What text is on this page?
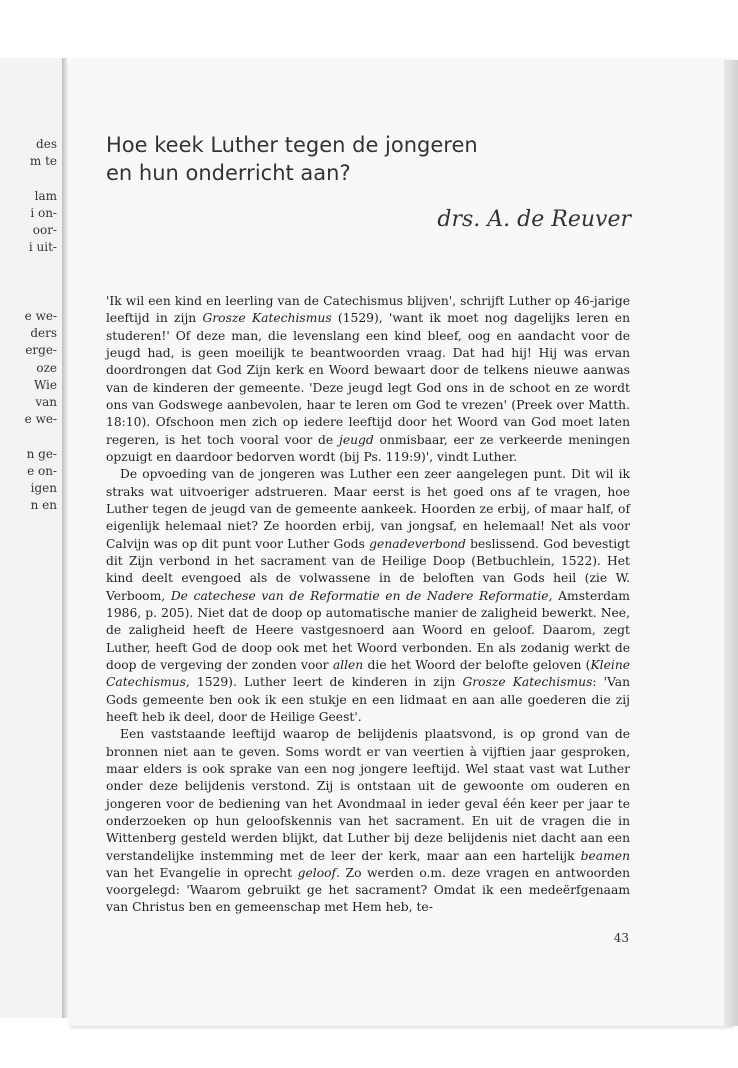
des
m te
lam
i on-
oor-
i uit-
e we-
ders
erge-
oze
Wie
van
e we-
n ge-
e on-
igen
n en
Hoe keek Luther tegen de jongeren
en hun onderricht aan?
drs. A. de Reuver

'Ik wil een kind en leerling van de Catechismus blijven', schrijft Luther op 46-jarige leeftijd in zijn Grosze Katechismus (1529), 'want ik moet nog dagelijks leren en studeren!' Of deze man, die levenslang een kind bleef, oog en aandacht voor de jeugd had, is geen moeilijk te beantwoorden vraag. Dat had hij! Hij was ervan doordrongen dat God Zijn kerk en Woord bewaart door de telkens nieuwe aanwas van de kinderen der gemeente. 'Deze jeugd legt God ons in de schoot en ze wordt ons van Godswege aanbevolen, haar te leren om God te vrezen' (Preek over Matth. 18:10). Ofschoon men zich op iedere leeftijd door het Woord van God moet laten regeren, is het toch vooral voor de jeugd onmisbaar, eer ze verkeerde meningen opzuigt en daardoor bedorven wordt (bij Ps. 119:9)', vindt Luther.

De opvoeding van de jongeren was Luther een zeer aangelegen punt. Dit wil ik straks wat uitvoeriger adstrueren. Maar eerst is het goed ons af te vragen, hoe Luther tegen de jeugd van de gemeente aankeek. Hoorden ze erbij, of maar half, of eigenlijk helemaal niet? Ze hoorden erbij, van jongsaf, en helemaal! Net als voor Calvijn was op dit punt voor Luther Gods genadeverbond beslissend. God bevestigt dit Zijn verbond in het sacrament van de Heilige Doop (Betbuchlein, 1522). Het kind deelt evengoed als de volwassene in de beloften van Gods heil (zie W. Verboom, De catechese van de Reformatie en de Nadere Reformatie, Amsterdam 1986, p. 205). Niet dat de doop op automatische manier de zaligheid bewerkt. Nee, de zaligheid heeft de Heere vastgesnoerd aan Woord en geloof. Daarom, zegt Luther, heeft God de doop ook met het Woord verbonden. En als zodanig werkt de doop de vergeving der zonden voor allen die het Woord der belofte geloven (Kleine Catechismus, 1529). Luther leert de kinderen in zijn Grosze Katechismus: 'Van Gods gemeente ben ook ik een stukje en een lidmaat en aan alle goederen die zij heeft heb ik deel, door de Heilige Geest'.

Een vaststaande leeftijd waarop de belijdenis plaatsvond, is op grond van de bronnen niet aan te geven. Soms wordt er van veertien à vijftien jaar gesproken, maar elders is ook sprake van een nog jongere leeftijd. Wel staat vast wat Luther onder deze belijdenis verstond. Zij is ontstaan uit de gewoonte om ouderen en jongeren voor de bediening van het Avondmaal in ieder geval één keer per jaar te onderzoeken op hun geloofskennis van het sacrament. En uit de vragen die in Wittenberg gesteld werden blijkt, dat Luther bij deze belijdenis niet dacht aan een verstandelijke instemming met de leer der kerk, maar aan een hartelijk beamen van het Evangelie in oprecht geloof. Zo werden o.m. deze vragen en antwoorden voorgelegd: 'Waarom gebruikt ge het sacrament? Omdat ik een medeërfgenaam van Christus ben en gemeenschap met Hem heb, te-

43
